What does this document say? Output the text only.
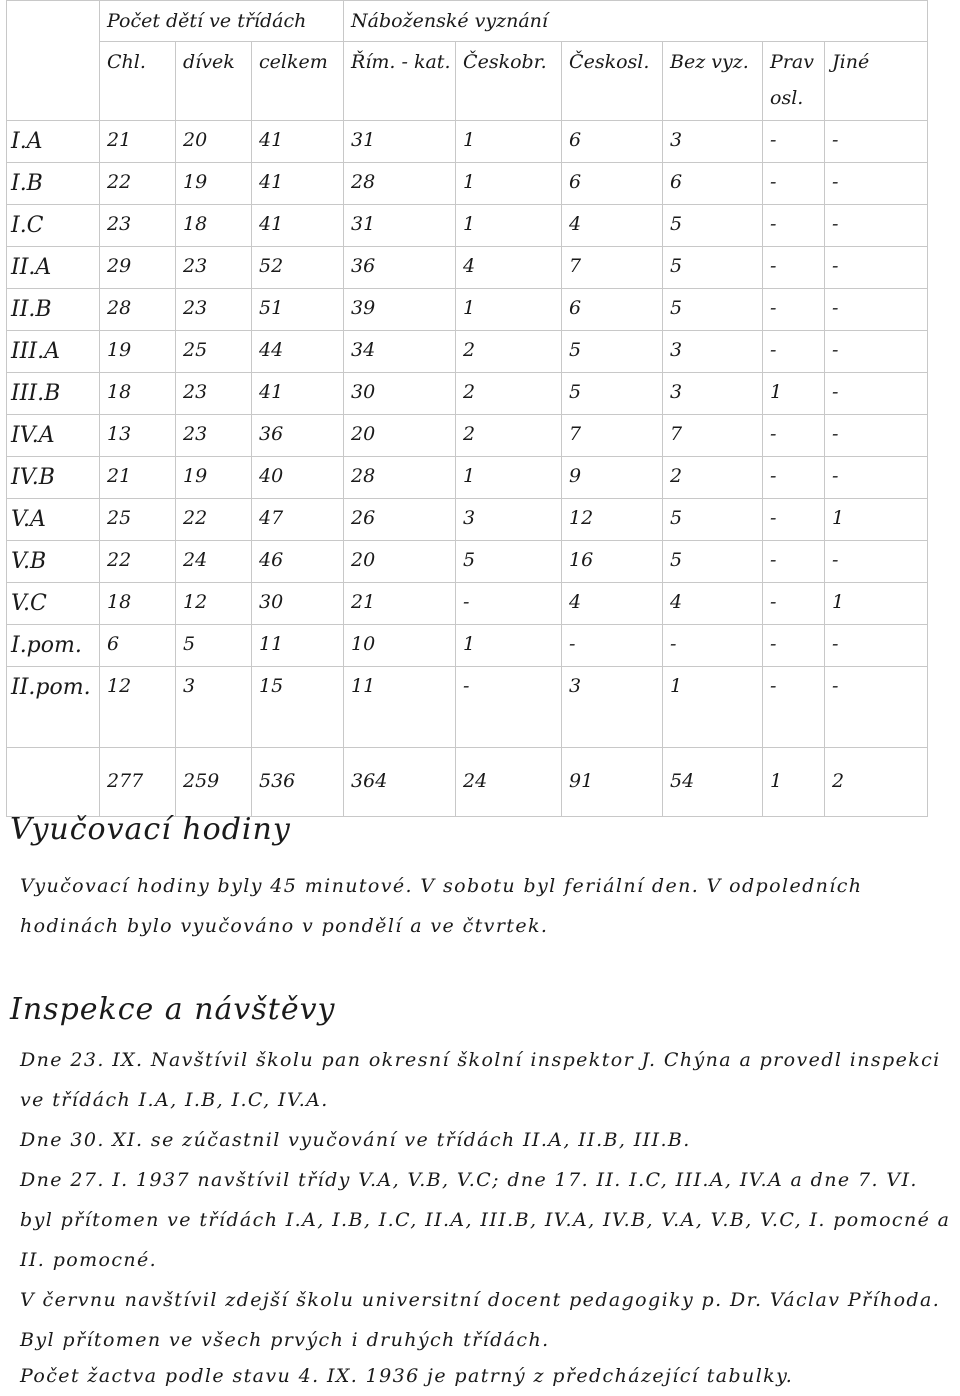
	Počet dětí ve třídách			Náboženské vyznání					
	Chl.	dívek	celkem	Řím. - kat.	Českobr.	Českosl.	Bez vyz.	Pravosl.	Jiné
I.A	21	20	41	31	1	6	3	-	-
I.B	22	19	41	28	1	6	6	-	-
I.C	23	18	41	31	1	4	5	-	-
II.A	29	23	52	36	4	7	5	-	-
II.B	28	23	51	39	1	6	5	-	-
III.A	19	25	44	34	2	5	3	-	-
III.B	18	23	41	30	2	5	3	1	-
IV.A	13	23	36	20	2	7	7	-	-
IV.B	21	19	40	28	1	9	2	-	-
V.A	25	22	47	26	3	12	5	-	1
V.B	22	24	46	20	5	16	5	-	-
V.C	18	12	30	21	-	4	4	-	1
I.pom.	6	5	11	10	1	-	-	-	-
II.pom.	12	3	15	11	-	3	1	-	-
	277	259	536	364	24	91	54	1	2
Vyučovací hodiny

Vyučovací hodiny byly 45 minutové. V sobotu byl feriální den. V odpoledních hodinách bylo vyučováno v pondělí a ve čtvrtek.

Inspekce a návštěvy

Dne 23. IX. Navštívil školu pan okresní školní inspektor J. Chýna a provedl inspekci ve třídách I.A, I.B, I.C, IV.A.

Dne 30. XI. se zúčastnil vyučování ve třídách II.A, II.B, III.B.

Dne 27. I. 1937 navštívil třídy V.A, V.B, V.C; dne 17. II. I.C, III.A, IV.A a dne 7. VI. byl přítomen ve třídách I.A, I.B, I.C, II.A, III.B, IV.A, IV.B, V.A, V.B, V.C, I. pomocné a II. pomocné.

V červnu navštívil zdejší školu universitní docent pedagogiky p. Dr. Václav Příhoda.

Byl přítomen ve všech prvých i druhých třídách.

Počet žactva podle stavu 4. IX. 1936 je patrný z předcházející tabulky.
